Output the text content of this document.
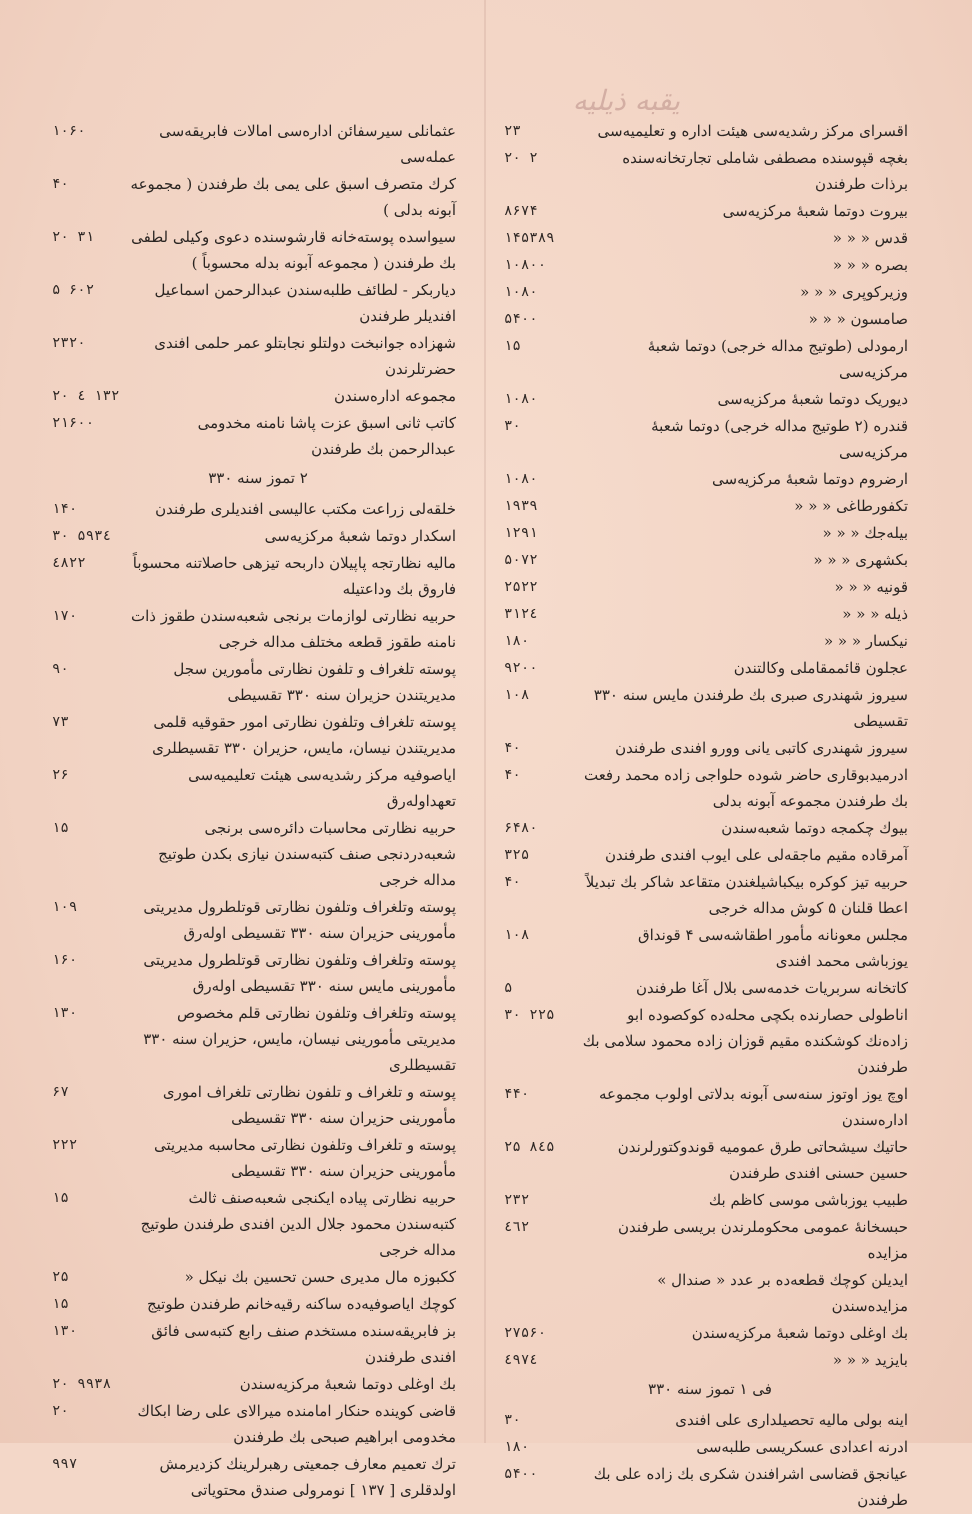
یقبه ذیلیه
اقسرای مرکز رشدیه‌سی هیئت اداره و تعلیمیه‌سی
۲۳
بغچه قپوسنده مصطفی شاملی تجارتخانه‌سنده برذات طرفندن
۲۰ ۲
بیروت دوتما شعبهٔ مرکزیه‌سی
۸۶۷۴
قدس « « «
۱۴۵۳۸۹
بصره « « «
۱۰۸۰۰
وزیرکوپری « « «
۱۰۸۰
صامسون « « «
۵۴۰۰
ارمودلی (طوتیج مداله خرجی) دوتما شعبهٔ مرکزیه‌سی
۱۵
دیوریک دوتما شعبهٔ مرکزیه‌سی
۱۰۸۰
قندره (۲ طوتیج مداله خرجی) دوتما شعبهٔ مرکزیه‌سی
۳۰
ارضروم دوتما شعبهٔ مرکزیه‌سی
۱۰۸۰
تکفورطاغی « « «
۱۹۳۹
بیله‌جك « « «
۱۲۹۱
بکشهری « « «
۵۰۷۲
قونیه « « «
۲۵۲۲
ذیله « « «
۳۱۲٤
نیکسار « « «
۱۸۰
عجلون قائممقاملی وکالتندن
۹۲۰۰
سیروز شهندری صبری بك طرفندن مایس سنه ۳۳۰ تقسیطی
۱۰۸
سیروز شهندری کاتبی یانی وورو افندی طرفندن
۴۰
ادرمیدبوقاری حاضر شوده حلواجی زاده محمد رفعت بك طرفندن مجموعه آبونه بدلی
۴۰
بیوك چکمجه دوتما شعبه‌سندن
۶۴۸۰
آمرقاده مقیم ماجقه‌لی علی ایوب افندی طرفندن
۳۲۵
حربیه تیز کوکره بیکباشیلغندن متقاعد شاکر بك تبدیلاً اعطا قلنان ۵ کوش مداله خرجی
۴۰
مجلس معونانه مأمور اطقاشه‌سی ۴ قونداق یوزباشی محمد افندی
۱۰۸
کاتخانه سربریات خدمه‌سی بلال آغا طرفندن
۵
اناطولی حصارنده بکچی محله‌ده کوکصوده ابو زاده‌نك کوشکنده مقیم قوزان زاده محمود سلامی بك طرفندن
۳۰ ۲۲۵
اوچ یوز اوتوز سنه‌سی آبونه بدلاتی اولوب مجموعه اداره‌سندن
۴۴۰
حاتیك سیشحاتی طرق عمومیه قوندوکتورلرندن حسین حسنی افندی طرفندن
۲۵ ۸٤۵
طبیب یوزباشی موسی کاظم بك
۲۳۲
حبسخانهٔ عمومی محکوملرندن بریسی طرفندن مزایده
٤٦۲
ایدیلن کوچك قطعه‌ده بر عدد « صندال » مزایده‌سندن
بك اوغلی دوتما شعبهٔ مرکزیه‌سندن
۲۷۵۶۰
بایزید « « «
٤۹۷٤
فی ۱ تموز سنه ۳۳۰
اینه بولی مالیه تحصیلداری علی افندی
۳۰
ادرنه اعدادی عسکریسی طلبه‌سی
۱۸۰
عیانجق قضاسی اشرافندن شکری بك زاده علی بك طرفندن
۵۴۰۰
عثمانلی سیرسفائن اداره‌سی امالات فابریقه‌سی عمله‌سی
۱۰۶۰
کرك متصرف اسبق علی یمی بك طرفندن ( مجموعه آبونه بدلی )
۴۰
سیواسده پوسته‌خانه قارشوسنده دعوی وکیلی لطفی بك طرفندن ( مجموعه آبونه بدله محسوباً )
۲۰ ۳۱
دیاربکر - لطائف طلبه‌سندن عبدالرحمن اسماعیل افندیلر طرفندن
۵ ۶۰۲
شهزاده جوانبخت دولتلو نجابتلو عمر حلمی افندی حضرتلرندن
۲۳۲۰
مجموعه اداره‌سندن
۲۰ ٤ ۱۳۲
کاتب ثانی اسبق عزت پاشا نامنه مخدومی عبدالرحمن بك طرفندن
۲۱۶۰۰
۲ تموز سنه ۳۳۰
خلقه‌لی زراعت مکتب عالیسی افندیلری طرفندن
۱۴۰
اسکدار دوتما شعبهٔ مرکزیه‌سی
۳۰ ۵۹۳٤
مالیه نظارتجه پاپیلان داربحه تیزهی حاصلاتنه محسوباً فاروق بك وداعتیله
٤۸۲۲
حربیه نظارتی لوازمات برنجی شعبه‌سندن طقوز ذات نامنه طقوز قطعه مختلف مداله خرجی
۱۷۰
پوسته تلغراف و تلفون نظارتی مأمورین سجل مدیریتندن حزیران سنه ۳۳۰ تقسیطی
۹۰
پوسته تلغراف وتلفون نظارتی امور حقوقیه قلمی مدیریتندن نیسان، مایس، حزیران ۳۳۰ تقسیطلری
۷۳
ایاصوفیه مرکز رشدیه‌سی هیئت تعلیمیه‌سی تعهداوله‌رق
۲۶
حربیه نظارتی محاسبات دائره‌سی برنجی شعبه‌دردنجی صنف کتبه‌سندن نیازی بکدن طوتیج مداله خرجی
۱۵
پوسته وتلغراف وتلفون نظارتی قوتلطرول مدیریتی مأمورینی حزیران سنه ۳۳۰ تقسیطی اوله‌رق
۱۰۹
پوسته وتلغراف وتلفون نظارتی قوتلطرول مدیریتی مأمورینی مایس سنه ۳۳۰ تقسیطی اوله‌رق
۱۶۰
پوسته وتلغراف وتلفون نظارتی قلم مخصوص مدیریتی مأمورینی نیسان، مایس، حزیران سنه ۳۳۰ تقسیطلری
۱۳۰
پوسته و تلغراف و تلفون نظارتی تلغراف اموری مأمورینی حزیران سنه ۳۳۰ تقسیطی
۶۷
پوسته و تلغراف وتلفون نظارتی محاسبه مدیریتی مأمورینی حزیران سنه ۳۳۰ تقسیطی
۲۲۲
حربیه نظارتی پیاده ایکنجی شعبه‌صنف ثالث کتبه‌سندن محمود جلال الدین افندی طرفندن طوتیج مداله خرجی
۱۵
ککبوزه مال مدیری حسن تحسین بك نیکل «
۲۵
کوچك ایاصوفیه‌ده ساکنه رقیه‌خانم طرفندن طوتیج
۱۵
بز فابریقه‌سنده مستخدم صنف رابع کتبه‌سی فائق افندی طرفندن
۱۳۰
بك اوغلی دوتما شعبهٔ مرکزیه‌سندن
۲۰ ۹۹۳۸
قاضی کوینده حنکار امامنده میرالای علی رضا ابکاك مخدومی ابراهیم صبحی بك طرفندن
۲۰
ترك تعمیم معارف جمعیتی رهبرلرینك کزدیرمش اولدقلری [ ۱۳۷ ] نومرولی صندق محتویاتی
۹۹۷
